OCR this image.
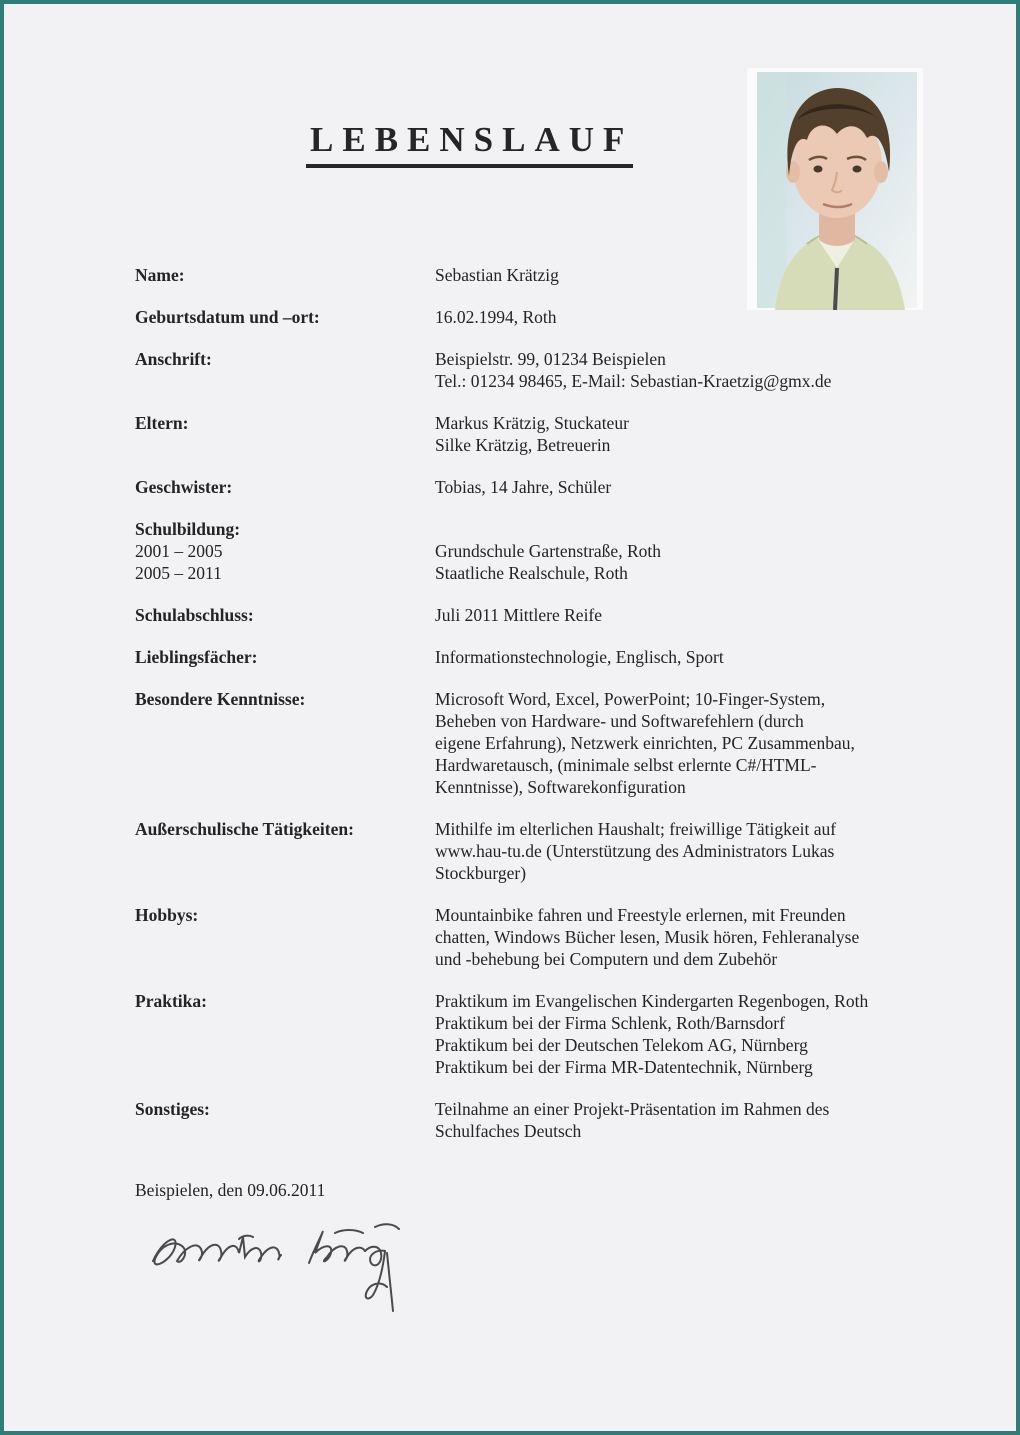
LEBENSLAUF
Name:	Sebastian Krätzig
Geburtsdatum und –ort:	16.02.1994, Roth
Anschrift:	Beispielstr. 99, 01234 Beispielen
Tel.: 01234 98465, E-Mail: Sebastian-Kraetzig@gmx.de
Eltern:	Markus Krätzig, Stuckateur
Silke Krätzig, Betreuerin
Geschwister:	Tobias, 14 Jahre, Schüler
Schulbildung:
2001 – 2005	Grundschule Gartenstraße, Roth
2005 – 2011	Staatliche Realschule, Roth
Schulabschluss:	Juli 2011 Mittlere Reife
Lieblingsfächer:	Informationstechnologie, Englisch, Sport
Besondere Kenntnisse:	Microsoft Word, Excel, PowerPoint; 10-Finger-System,
Beheben von Hardware- und Softwarefehlern (durch
eigene Erfahrung), Netzwerk einrichten, PC Zusammenbau,
Hardwaretausch, (minimale selbst erlernte C#/HTML-
Kenntnisse), Softwarekonfiguration
Außerschulische Tätigkeiten:	Mithilfe im elterlichen Haushalt; freiwillige Tätigkeit auf
www.hau-tu.de (Unterstützung des Administrators Lukas
Stockburger)
Hobbys:	Mountainbike fahren und Freestyle erlernen, mit Freunden
chatten, Windows Bücher lesen, Musik hören, Fehleranalyse
und -behebung bei Computern und dem Zubehör
Praktika:	Praktikum im Evangelischen Kindergarten Regenbogen, Roth
Praktikum bei der Firma Schlenk, Roth/Barnsdorf
Praktikum bei der Deutschen Telekom AG, Nürnberg
Praktikum bei der Firma MR-Datentechnik, Nürnberg
Sonstiges:	Teilnahme an einer Projekt-Präsentation im Rahmen des
Schulfaches Deutsch
Beispielen, den 09.06.2011
